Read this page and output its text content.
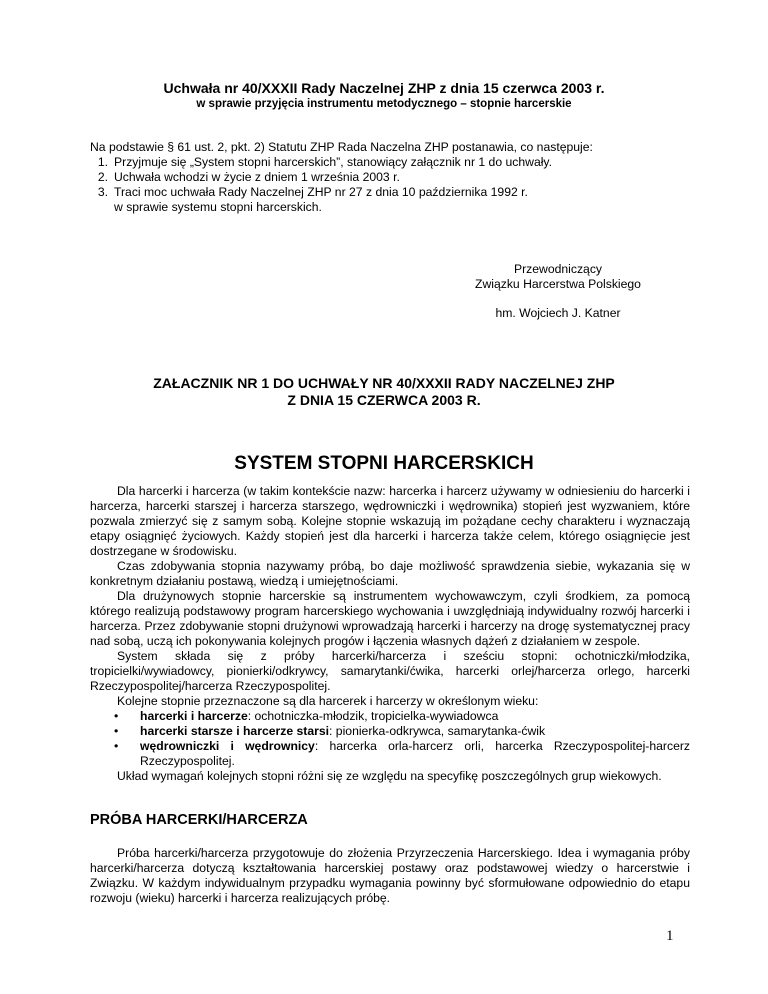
Uchwała nr 40/XXXII Rady Naczelnej ZHP z dnia 15 czerwca 2003 r.
w sprawie przyjęcia instrumentu metodycznego – stopnie harcerskie
Na podstawie § 61 ust. 2, pkt. 2) Statutu ZHP Rada Naczelna ZHP postanawia, co następuje:
1. Przyjmuje się „System stopni harcerskich”, stanowiący załącznik nr 1 do uchwały.
2. Uchwała wchodzi w życie z dniem 1 września 2003 r.
3. Traci moc uchwała Rady Naczelnej ZHP nr 27 z dnia 10 października 1992 r.
w sprawie systemu stopni harcerskich.
Przewodniczący
Związku Harcerstwa Polskiego
hm. Wojciech J. Katner
ZAŁACZNIK NR 1 DO UCHWAŁY NR 40/XXXII RADY NACZELNEJ ZHP
Z DNIA 15 CZERWCA 2003 R.
SYSTEM STOPNI HARCERSKICH
Dla harcerki i harcerza (w takim kontekście nazw: harcerka i harcerz używamy w odniesieniu do harcerki i harcerza, harcerki starszej i harcerza starszego, wędrowniczki i wędrownika) stopień jest wyzwaniem, które pozwala zmierzyć się z samym sobą. Kolejne stopnie wskazują im pożądane cechy charakteru i wyznaczają etapy osiągnięć życiowych. Każdy stopień jest dla harcerki i harcerza także celem, którego osiągnięcie jest dostrzegane w środowisku.
Czas zdobywania stopnia nazywamy próbą, bo daje możliwość sprawdzenia siebie, wykazania się w konkretnym działaniu postawą, wiedzą i umiejętnościami.
Dla drużynowych stopnie harcerskie są instrumentem wychowawczym, czyli środkiem, za pomocą którego realizują podstawowy program harcerskiego wychowania i uwzględniają indywidualny rozwój harcerki i harcerza. Przez zdobywanie stopni drużynowi wprowadzają harcerki i harcerzy na drogę systematycznej pracy nad sobą, uczą ich pokonywania kolejnych progów i łączenia własnych dążeń z działaniem w zespole.
System składa się z próby harcerki/harcerza i sześciu stopni: ochotniczki/młodzika, tropicielki/wywiadowcy, pionierki/odkrywcy, samarytanki/ćwika, harcerki orlej/harcerza orlego, harcerki Rzeczypospolitej/harcerza Rzeczypospolitej.
Kolejne stopnie przeznaczone są dla harcerek i harcerzy w określonym wieku:
•	harcerki i harcerze: ochotniczka-młodzik, tropicielka-wywiadowca
•	harcerki starsze i harcerze starsi: pionierka-odkrywca, samarytanka-ćwik
•	wędrowniczki i wędrownicy: harcerka orla-harcerz orli, harcerka Rzeczypospolitej-harcerz Rzeczypospolitej.
Układ wymagań kolejnych stopni różni się ze względu na specyfikę poszczególnych grup wiekowych.
PRÓBA HARCERKI/HARCERZA
Próba harcerki/harcerza przygotowuje do złożenia Przyrzeczenia Harcerskiego. Idea i wymagania próby harcerki/harcerza dotyczą kształtowania harcerskiej postawy oraz podstawowej wiedzy o harcerstwie i Związku. W każdym indywidualnym przypadku wymagania powinny być sformułowane odpowiednio do etapu rozwoju (wieku) harcerki i harcerza realizujących próbę.
1
